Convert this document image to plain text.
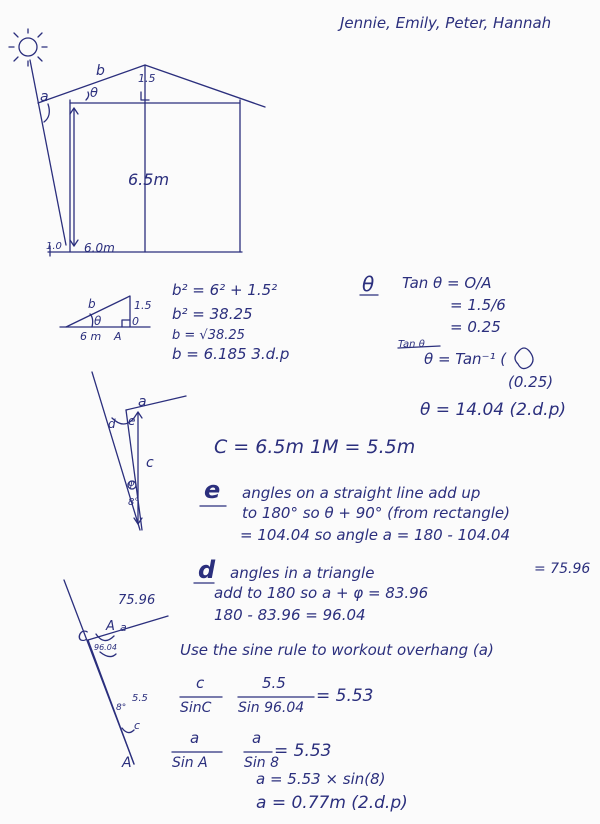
Jennie, Emily, Peter, Hannah
b
a	θ
1.5
6.5m
1.0 6.0m
b
θ
1.5
0
6 m A
b² = 6² + 1.5²
b² = 38.25
b = √38.25
b = 6.185 3.d.p
θ Tan θ = O/A
= 1.5/6
= 0.25
Tan θ
θ = Tan⁻¹ (
(0.25)
θ = 14.04 (2.d.p)
a
d e
c
φ
8°
C = 6.5m 1M = 5.5m
e angles on a straight line add up
to 180° so θ + 90° (from rectangle)
= 104.04 so angle a = 180 - 104.04
= 75.96
d angles in a triangle
add to 180 so a + φ = 83.96
180 - 83.96 = 96.04
75.96
C
A a
96.04
8°
5.5
c
A
Use the sine rule to workout overhang (a)
c
SinC
5.5
Sin 96.04
= 5.53
a
Sin A
a
Sin 8
= 5.53
a = 5.53 × sin(8)
a = 0.77m (2.d.p)
